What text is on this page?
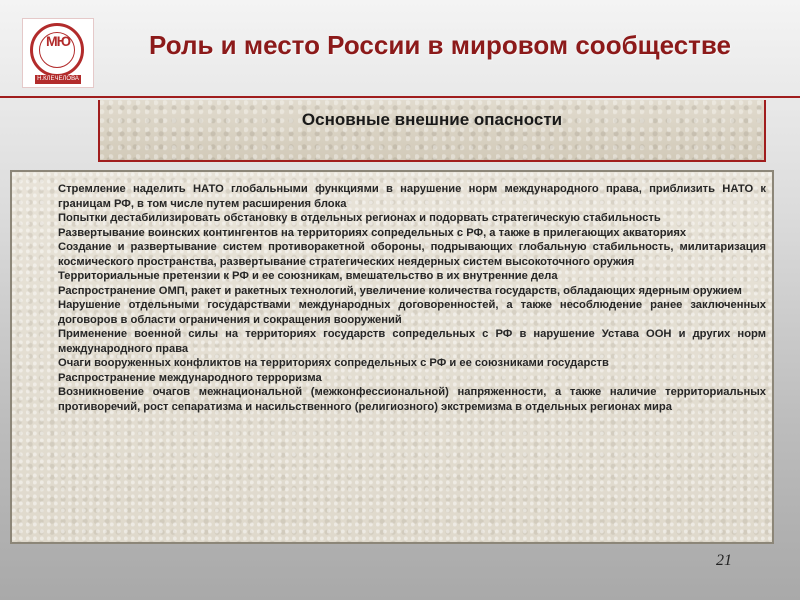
МЮ
Н.КЛЕЧЕЛОВА
Роль и место России в мировом сообществе
Основные внешние опасности
Стремление наделить НАТО глобальными функциями в нарушение норм международного права, приблизить НАТО к границам РФ, в том числе путем расширения блока
Попытки дестабилизировать обстановку в отдельных регионах и подорвать стратегическую стабильность
Развертывание воинских контингентов на территориях сопредельных с РФ, а также в прилегающих акваториях
Создание и развертывание систем противоракетной обороны, подрывающих глобальную стабильность, милитаризация космического пространства, развертывание стратегических неядерных систем высокоточного оружия
Территориальные претензии к РФ и ее союзникам, вмешательство в их внутренние дела
Распространение ОМП, ракет и ракетных технологий, увеличение количества государств, обладающих ядерным оружием
Нарушение отдельными государствами международных договоренностей, а также несоблюдение ранее заключенных договоров в области ограничения и сокращения вооружений
Применение военной силы на территориях государств сопредельных с РФ в нарушение Устава ООН и других норм международного права
Очаги вооруженных конфликтов на территориях сопредельных с РФ и ее союзниками государств
Распространение международного терроризма
Возникновение очагов межнациональной (межконфессиональной) напряженности, а также наличие территориальных противоречий, рост сепаратизма и насильственного (религиозного) экстремизма в отдельных регионах мира
21
